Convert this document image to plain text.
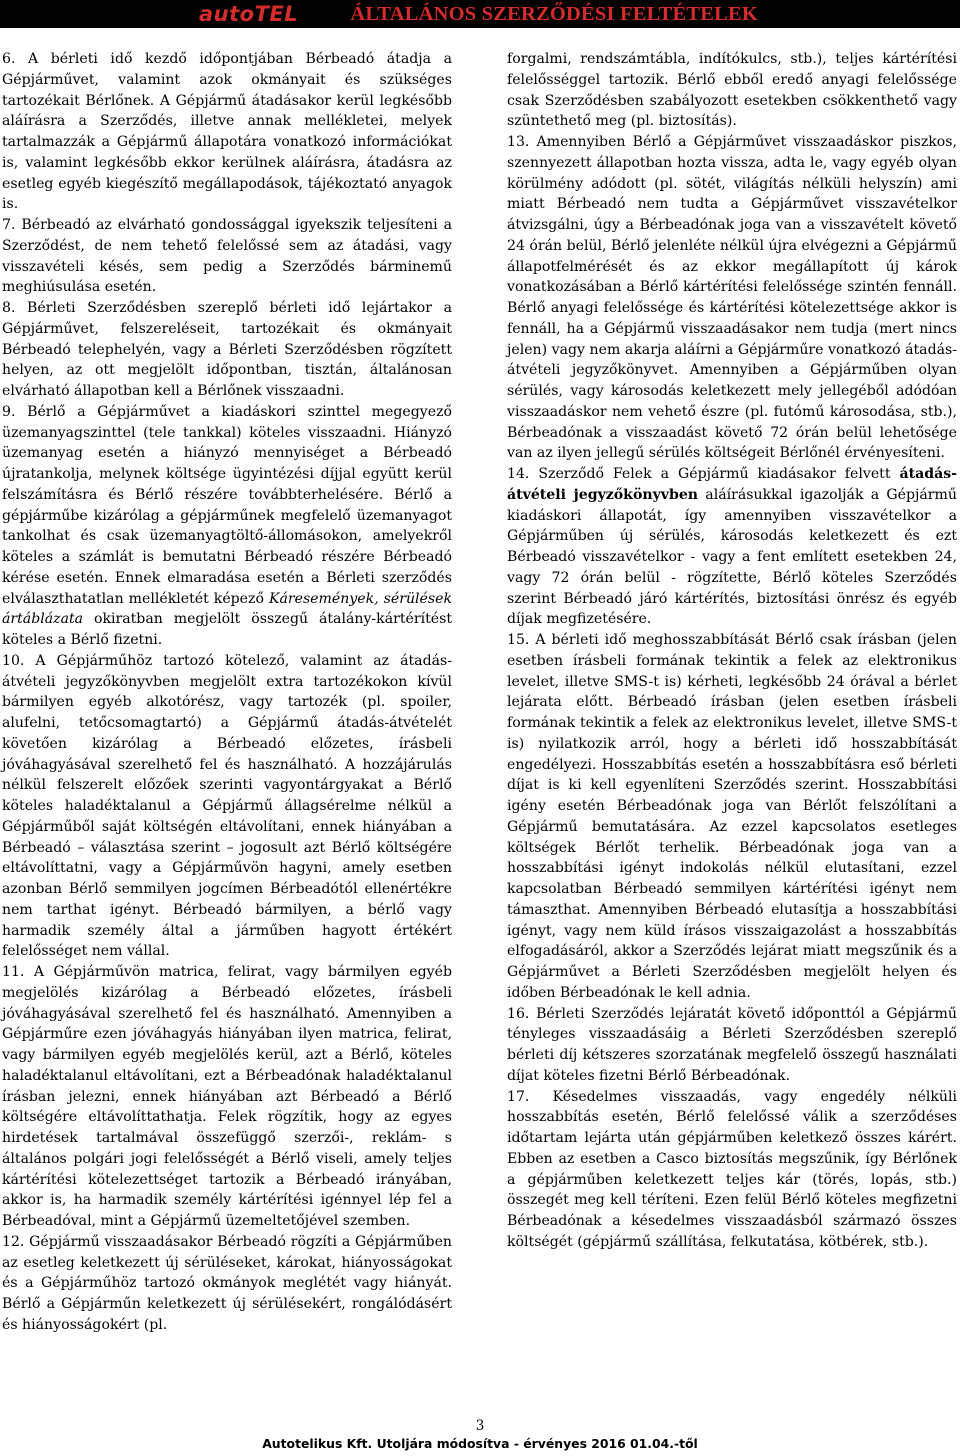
autoTEL	ÁLTALÁNOS SZERZŐDÉSI FELTÉTELEK

6. A bérleti idő kezdő időpontjában Bérbeadó átadja a Gépjárművet, valamint azok okmányait és szükséges tartozékait Bérlőnek. A Gépjármű átadásakor kerül legkésőbb aláírásra a Szerződés, illetve annak mellékletei, melyek tartalmazzák a Gépjármű állapotára vonatkozó információkat is, valamint legkésőbb ekkor kerülnek aláírásra, átadásra az esetleg egyéb kiegészítő megállapodások, tájékoztató anyagok is.

7. Bérbeadó az elvárható gondossággal igyekszik teljesíteni a Szerződést, de nem tehető felelőssé sem az átadási, vagy visszavételi késés, sem pedig a Szerződés bárminemű meghiúsulása esetén.

8. Bérleti Szerződésben szereplő bérleti idő lejártakor a Gépjárművet, felszereléseit, tartozékait és okmányait Bérbeadó telephelyén, vagy a Bérleti Szerződésben rögzített helyen, az ott megjelölt időpontban, tisztán, általánosan elvárható állapotban kell a Bérlőnek visszaadni.

9. Bérlő a Gépjárművet a kiadáskori szinttel megegyező üzemanyagszinttel (tele tankkal) köteles visszaadni. Hiányzó üzemanyag esetén a hiányzó mennyiséget a Bérbeadó újratankolja, melynek költsége ügyintézési díjjal együtt kerül felszámításra és Bérlő részére továbbterhelésére. Bérlő a gépjárműbe kizárólag a gépjárműnek megfelelő üzemanyagot tankolhat és csak üzemanyagtöltő-állomásokon, amelyekről köteles a számlát is bemutatni Bérbeadó részére Bérbeadó kérése esetén. Ennek elmaradása esetén a Bérleti szerződés elválaszthatatlan mellékletét képező Káresemények, sérülések ártáblázata okiratban megjelölt összegű átalány-kártérítést köteles a Bérlő fizetni.

10. A Gépjárműhöz tartozó kötelező, valamint az átadás-átvételi jegyzőkönyvben megjelölt extra tartozékokon kívül bármilyen egyéb alkotórész, vagy tartozék (pl. spoiler, alufelni, tetőcsomagtartó) a Gépjármű átadás-átvételét követően kizárólag a Bérbeadó előzetes, írásbeli jóváhagyásával szerelhető fel és használható. A hozzájárulás nélkül felszerelt előzőek szerinti vagyontárgyakat a Bérlő köteles haladéktalanul a Gépjármű állagsérelme nélkül a Gépjárműből saját költségén eltávolítani, ennek hiányában a Bérbeadó – választása szerint – jogosult azt Bérlő költségére eltávolíttatni, vagy a Gépjárművön hagyni, amely esetben azonban Bérlő semmilyen jogcímen Bérbeadótól ellenértékre nem tarthat igényt. Bérbeadó bármilyen, a bérlő vagy harmadik személy által a járműben hagyott értékért felelősséget nem vállal.

11. A Gépjárművön matrica, felirat, vagy bármilyen egyéb megjelölés kizárólag a Bérbeadó előzetes, írásbeli jóváhagyásával szerelhető fel és használható. Amennyiben a Gépjárműre ezen jóváhagyás hiányában ilyen matrica, felirat, vagy bármilyen egyéb megjelölés kerül, azt a Bérlő, köteles haladéktalanul eltávolítani, ezt a Bérbeadónak haladéktalanul írásban jelezni, ennek hiányában azt Bérbeadó a Bérlő költségére eltávolíttathatja. Felek rögzítik, hogy az egyes hirdetések tartalmával összefüggő szerzői-, reklám- s általános polgári jogi felelősségét a Bérlő viseli, amely teljes kártérítési kötelezettséget tartozik a Bérbeadó irányában, akkor is, ha harmadik személy kártérítési igénnyel lép fel a Bérbeadóval, mint a Gépjármű üzemeltetőjével szemben.

12. Gépjármű visszaadásakor Bérbeadó rögzíti a Gépjárműben az esetleg keletkezett új sérüléseket, károkat, hiányosságokat és a Gépjárműhöz tartozó okmányok meglétét vagy hiányát. Bérlő a Gépjárműn keletkezett új sérülésekért, rongálódásért és hiányosságokért (pl.

forgalmi, rendszámtábla, indítókulcs, stb.), teljes kártérítési felelősséggel tartozik. Bérlő ebből eredő anyagi felelőssége csak Szerződésben szabályozott esetekben csökkenthető vagy szüntethető meg (pl. biztosítás).

13. Amennyiben Bérlő a Gépjárművet visszaadáskor piszkos, szennyezett állapotban hozta vissza, adta le, vagy egyéb olyan körülmény adódott (pl. sötét, világítás nélküli helyszín) ami miatt Bérbeadó nem tudta a Gépjárművet visszavételkor átvizsgálni, úgy a Bérbeadónak joga van a visszavételt követő 24 órán belül, Bérlő jelenléte nélkül újra elvégezni a Gépjármű állapotfelmérését és az ekkor megállapított új károk vonatkozásában a Bérlő kártérítési felelőssége szintén fennáll. Bérlő anyagi felelőssége és kártérítési kötelezettsége akkor is fennáll, ha a Gépjármű visszaadásakor nem tudja (mert nincs jelen) vagy nem akarja aláírni a Gépjárműre vonatkozó átadás-átvételi jegyzőkönyvet. Amennyiben a Gépjárműben olyan sérülés, vagy károsodás keletkezett mely jellegéből adódóan visszaadáskor nem vehető észre (pl. futómű károsodása, stb.), Bérbeadónak a visszaadást követő 72 órán belül lehetősége van az ilyen jellegű sérülés költségeit Bérlőnél érvényesíteni.

14. Szerződő Felek a Gépjármű kiadásakor felvett átadás-átvételi jegyzőkönyvben aláírásukkal igazolják a Gépjármű kiadáskori állapotát, így amennyiben visszavételkor a Gépjárműben új sérülés, károsodás keletkezett és ezt Bérbeadó visszavételkor - vagy a fent említett esetekben 24, vagy 72 órán belül - rögzítette, Bérlő köteles Szerződés szerint Bérbeadó járó kártérítés, biztosítási önrész és egyéb díjak megfizetésére.

15. A bérleti idő meghosszabbítását Bérlő csak írásban (jelen esetben írásbeli formának tekintik a felek az elektronikus levelet, illetve SMS-t is) kérheti, legkésőbb 24 órával a bérlet lejárata előtt. Bérbeadó írásban (jelen esetben írásbeli formának tekintik a felek az elektronikus levelet, illetve SMS-t is) nyilatkozik arról, hogy a bérleti idő hosszabbítását engedélyezi. Hosszabbítás esetén a hosszabbításra eső bérleti díjat is ki kell egyenlíteni Szerződés szerint. Hosszabbítási igény esetén Bérbeadónak joga van Bérlőt felszólítani a Gépjármű bemutatására. Az ezzel kapcsolatos esetleges költségek Bérlőt terhelik. Bérbeadónak joga van a hosszabbítási igényt indokolás nélkül elutasítani, ezzel kapcsolatban Bérbeadó semmilyen kártérítési igényt nem támaszthat. Amennyiben Bérbeadó elutasítja a hosszabbítási igényt, vagy nem küld írásos visszaigazolást a hosszabbítás elfogadásáról, akkor a Szerződés lejárat miatt megszűnik és a Gépjárművet a Bérleti Szerződésben megjelölt helyen és időben Bérbeadónak le kell adnia.

16. Bérleti Szerződés lejáratát követő időponttól a Gépjármű tényleges visszaadásáig a Bérleti Szerződésben szereplő bérleti díj kétszeres szorzatának megfelelő összegű használati díjat köteles fizetni Bérlő Bérbeadónak.

17. Késedelmes visszaadás, vagy engedély nélküli hosszabbítás esetén, Bérlő felelőssé válik a szerződéses időtartam lejárta után gépjárműben keletkező összes kárért. Ebben az esetben a Casco biztosítás megszűnik, így Bérlőnek a gépjárműben keletkezett teljes kár (törés, lopás, stb.) összegét meg kell téríteni. Ezen felül Bérlő köteles megfizetni Bérbeadónak a késedelmes visszaadásból származó összes költségét (gépjármű szállítása, felkutatása, kötbérek, stb.).

3
Autotelikus Kft. Utoljára módosítva - érvényes 2016 01.04.-től
